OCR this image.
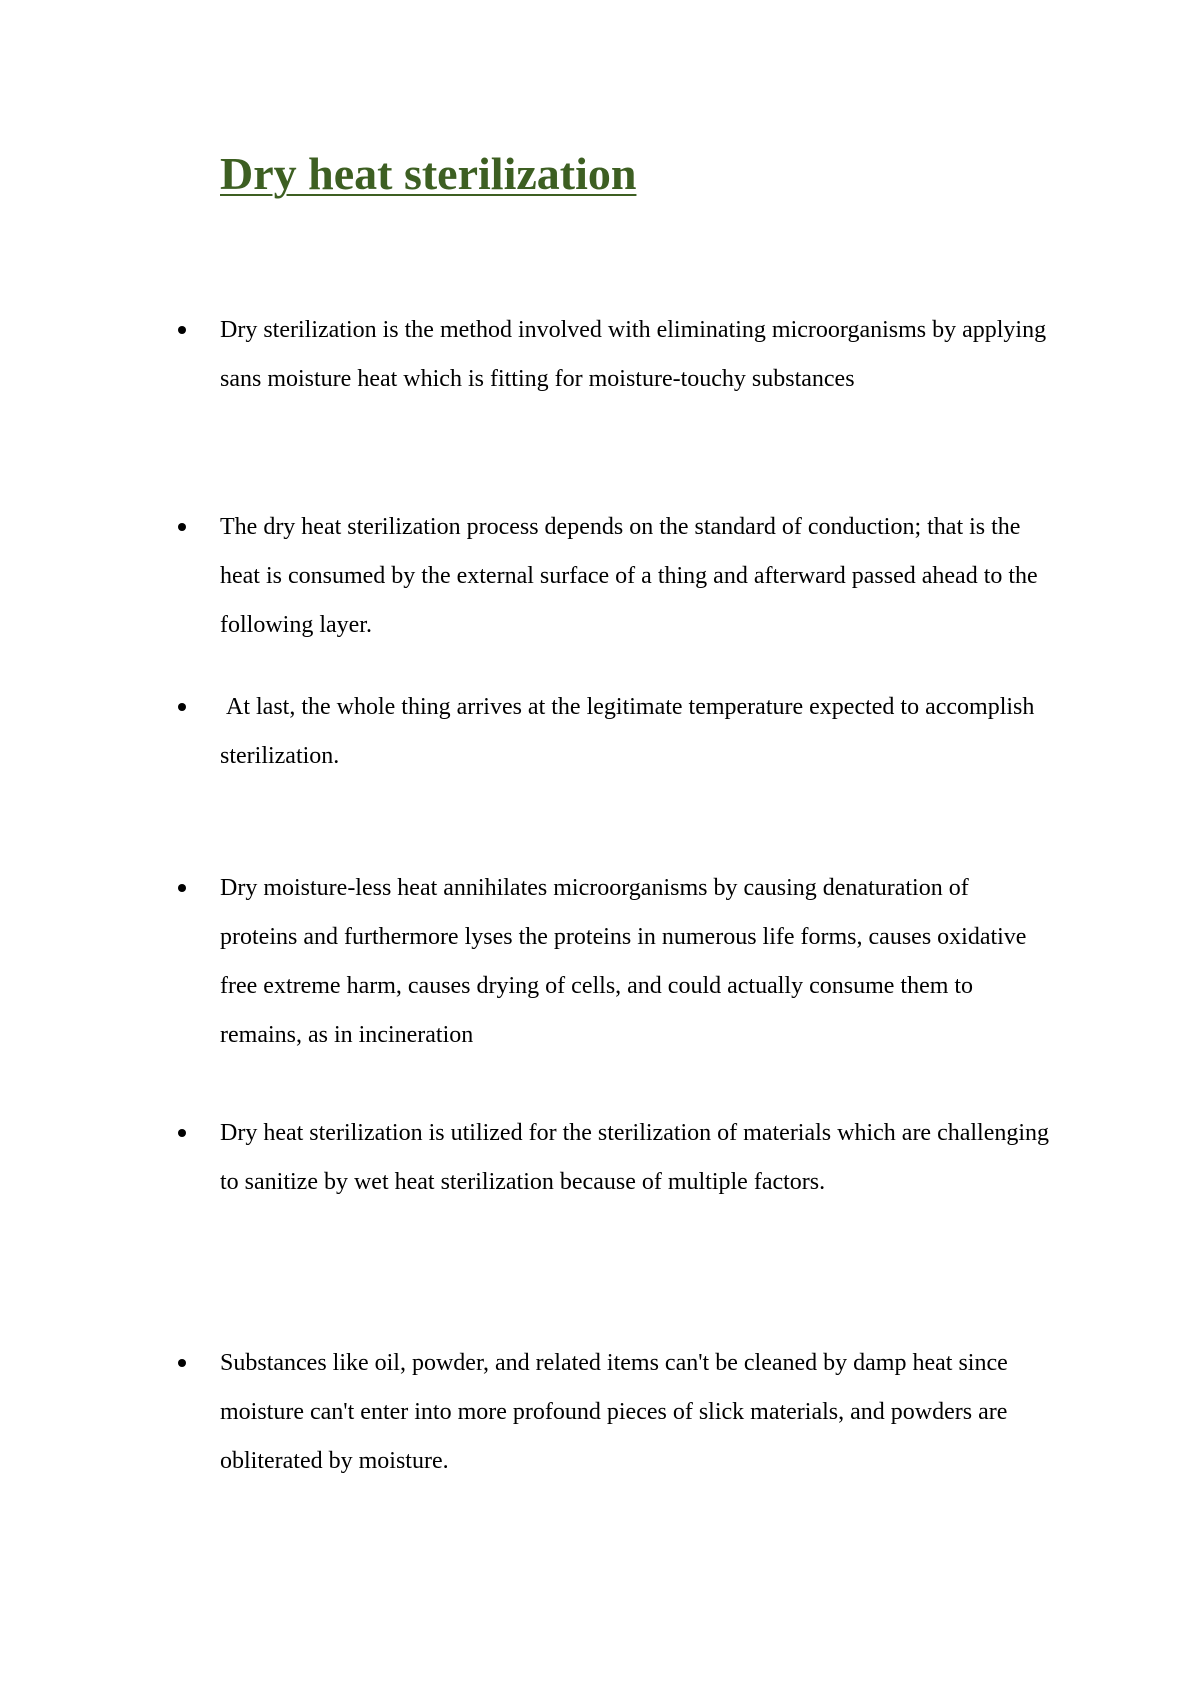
Dry heat sterilization

Dry sterilization is the method involved with eliminating microorganisms by applying sans moisture heat which is fitting for moisture-touchy substances

The dry heat sterilization process depends on the standard of conduction; that is the heat is consumed by the external surface of a thing and afterward passed ahead to the following layer.

At last, the whole thing arrives at the legitimate temperature expected to accomplish sterilization.

Dry moisture-less heat annihilates microorganisms by causing denaturation of proteins and furthermore lyses the proteins in numerous life forms, causes oxidative free extreme harm, causes drying of cells, and could actually consume them to remains, as in incineration

Dry heat sterilization is utilized for the sterilization of materials which are challenging to sanitize by wet heat sterilization because of multiple factors.

Substances like oil, powder, and related items can't be cleaned by damp heat since moisture can't enter into more profound pieces of slick materials, and powders are obliterated by moisture.
